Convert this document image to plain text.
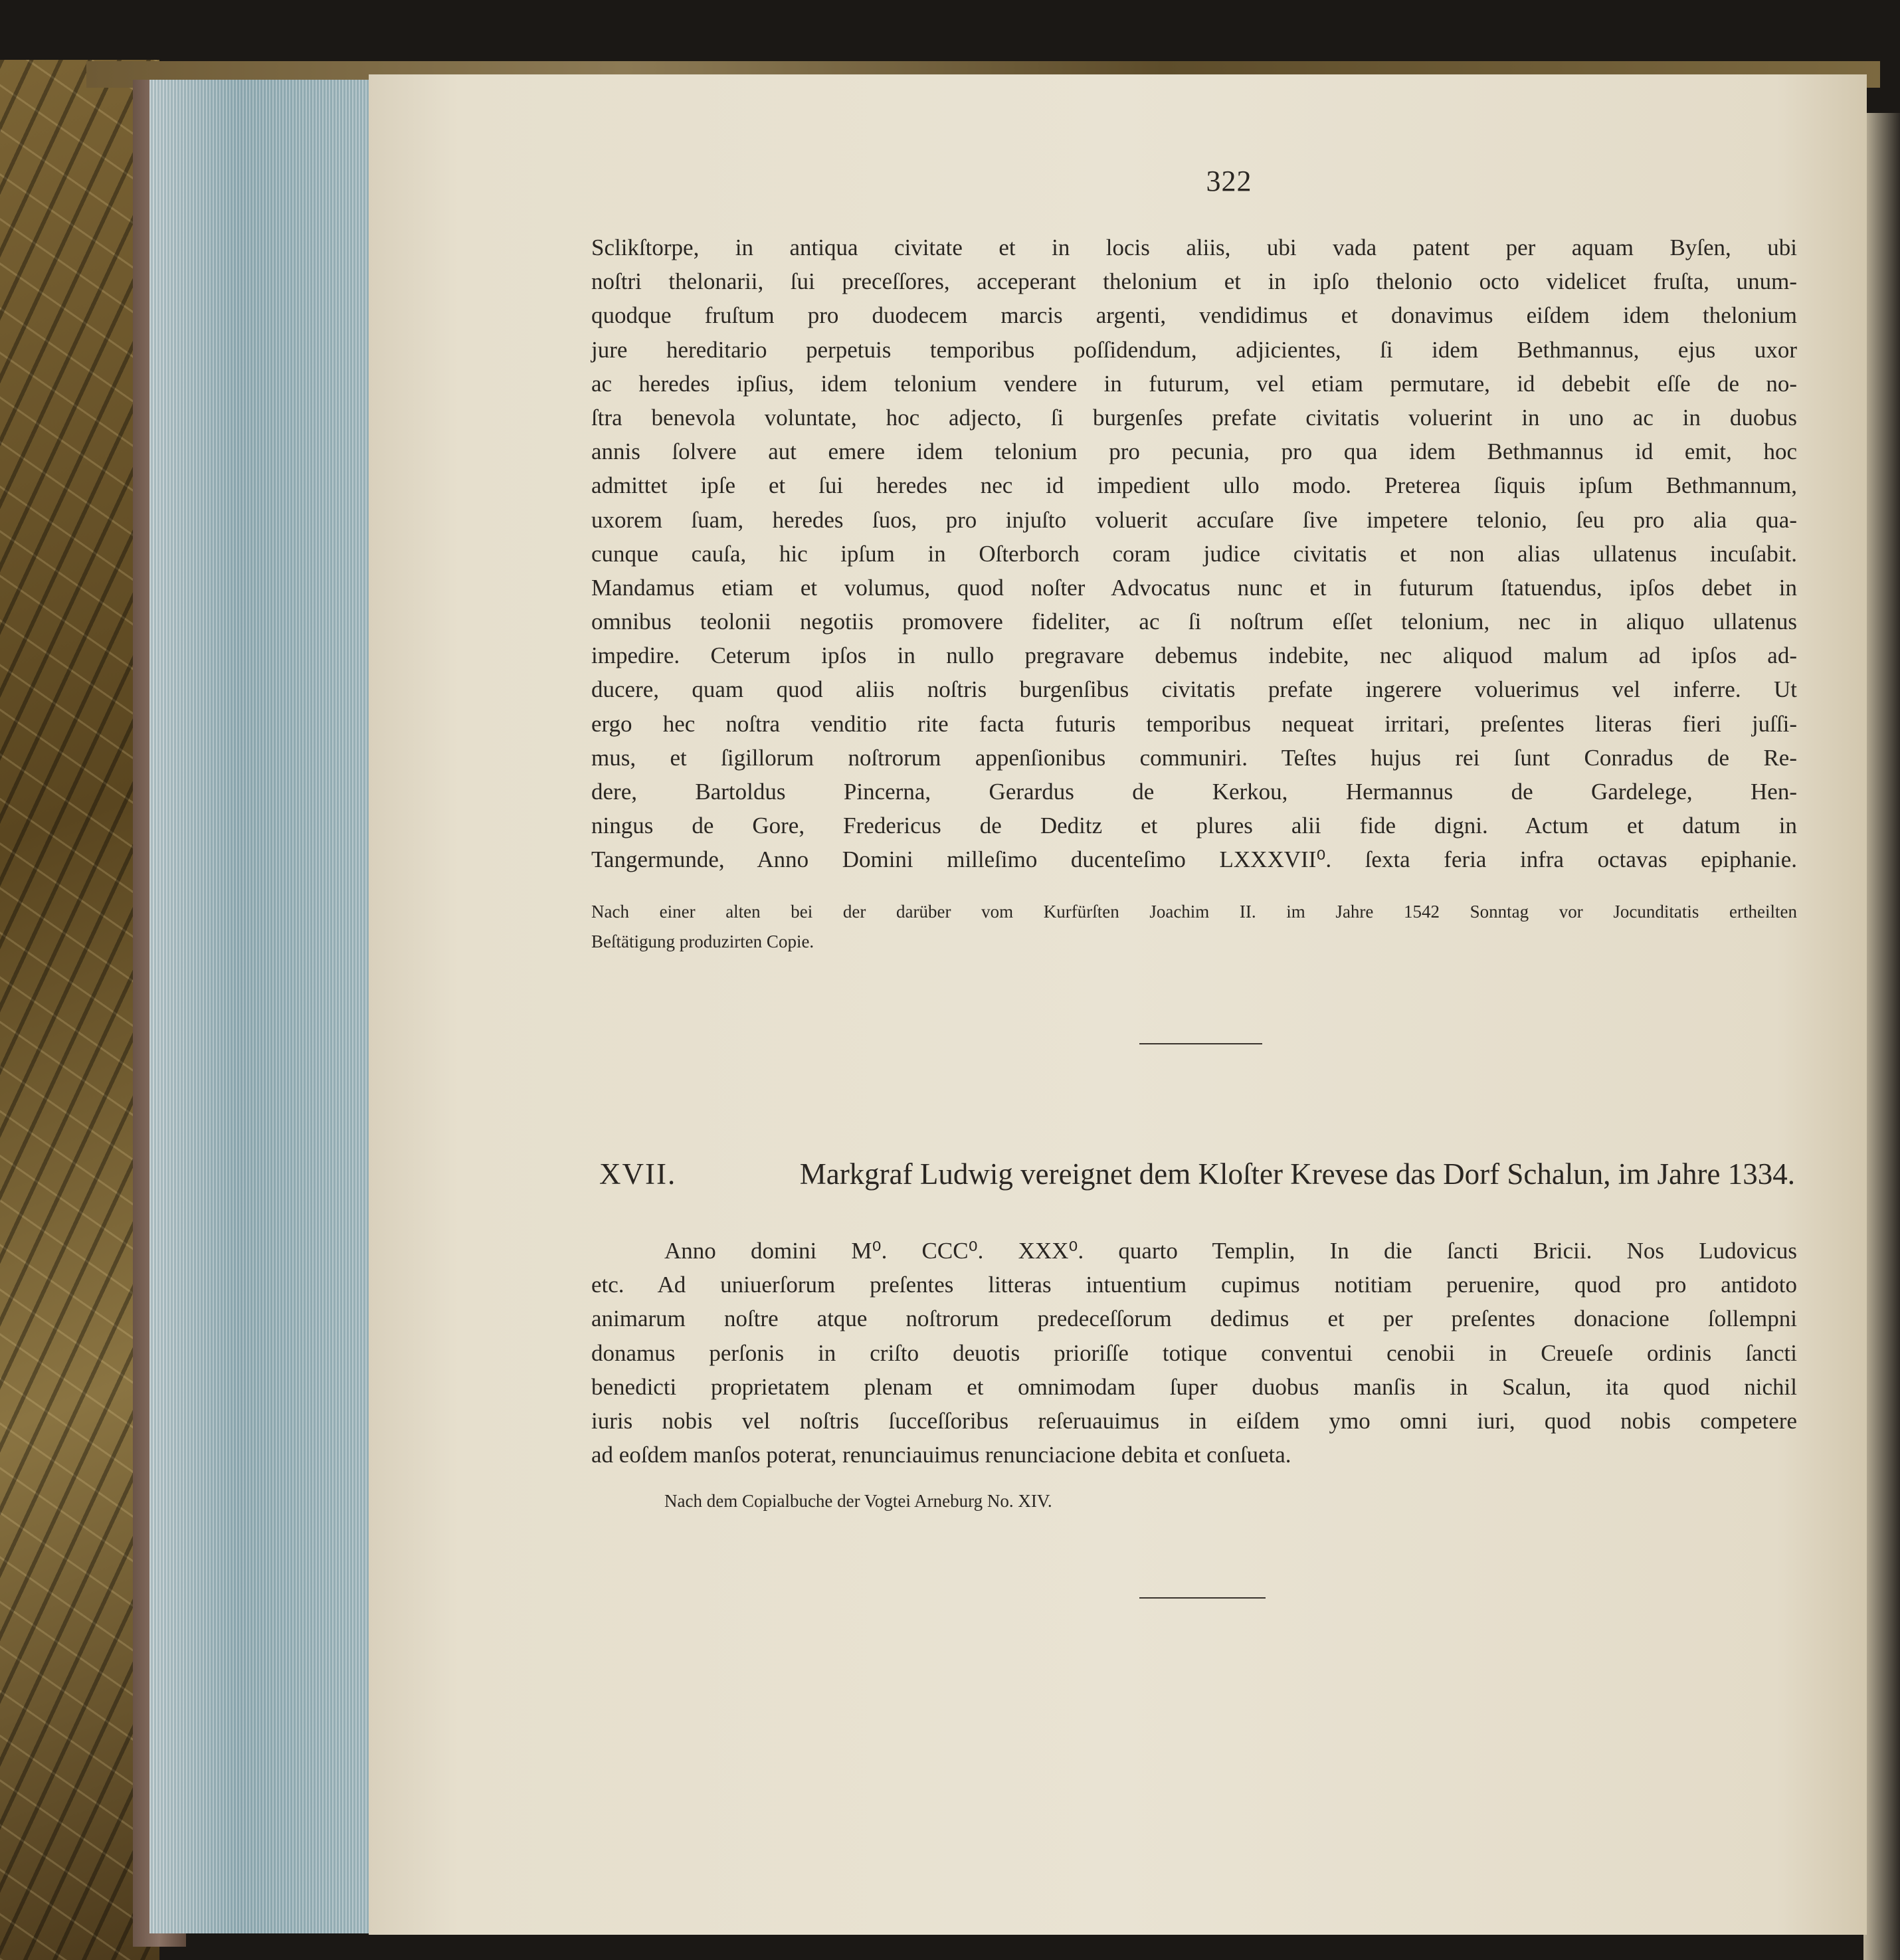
322
Sclikſtorpe, in antiqua civitate et in locis aliis, ubi vada patent per aquam Byſen, ubi
noſtri thelonarii, ſui preceſſores, acceperant thelonium et in ipſo thelonio octo videlicet fruſta, unum-
quodque fruſtum pro duodecem marcis argenti, vendidimus et donavimus eiſdem idem thelonium
jure hereditario perpetuis temporibus poſſidendum, adjicientes, ſi idem Bethmannus, ejus uxor
ac heredes ipſius, idem telonium vendere in futurum, vel etiam permutare, id debebit eſſe de no-
ſtra benevola voluntate, hoc adjecto, ſi burgenſes prefate civitatis voluerint in uno ac in duobus
annis ſolvere aut emere idem telonium pro pecunia, pro qua idem Bethmannus id emit, hoc
admittet ipſe et ſui heredes nec id impedient ullo modo. Preterea ſiquis ipſum Bethmannum,
uxorem ſuam, heredes ſuos, pro injuſto voluerit accuſare ſive impetere telonio, ſeu pro alia qua-
cunque cauſa, hic ipſum in Oſterborch coram judice civitatis et non alias ullatenus incuſabit.
Mandamus etiam et volumus, quod noſter Advocatus nunc et in futurum ſtatuendus, ipſos debet in
omnibus teolonii negotiis promovere fideliter, ac ſi noſtrum eſſet telonium, nec in aliquo ullatenus
impedire. Ceterum ipſos in nullo pregravare debemus indebite, nec aliquod malum ad ipſos ad-
ducere, quam quod aliis noſtris burgenſibus civitatis prefate ingerere voluerimus vel inferre. Ut
ergo hec noſtra venditio rite facta futuris temporibus nequeat irritari, preſentes literas fieri juſſi-
mus, et ſigillorum noſtrorum appenſionibus communiri. Teſtes hujus rei ſunt Conradus de Re-
dere, Bartoldus Pincerna, Gerardus de Kerkou, Hermannus de Gardelege, Hen-
ningus de Gore, Fredericus de Deditz et plures alii fide digni. Actum et datum in
Tangermunde, Anno Domini milleſimo ducenteſimo LXXXVII⁰. ſexta feria infra octavas epiphanie.
Nach einer alten bei der darüber vom Kurfürſten Joachim II. im Jahre 1542 Sonntag vor Jocunditatis ertheilten
Beſtätigung produzirten Copie.
XVII.	Markgraf Ludwig vereignet dem Kloſter Krevese das Dorf Schalun, im Jahre 1334.
Anno domini M⁰. CCC⁰. XXX⁰. quarto Templin, In die ſancti Bricii. Nos Ludovicus
etc. Ad uniuerſorum preſentes litteras intuentium cupimus notitiam peruenire, quod pro antidoto
animarum noſtre atque noſtrorum predeceſſorum dedimus et per preſentes donacione ſollempni
donamus perſonis in criſto deuotis prioriſſe totique conventui cenobii in Creueſe ordinis ſancti
benedicti proprietatem plenam et omnimodam ſuper duobus manſis in Scalun, ita quod nichil
iuris nobis vel noſtris ſucceſſoribus reſeruauimus in eiſdem ymo omni iuri, quod nobis competere
ad eoſdem manſos poterat, renunciauimus renunciacione debita et conſueta.
Nach dem Copialbuche der Vogtei Arneburg No. XIV.
